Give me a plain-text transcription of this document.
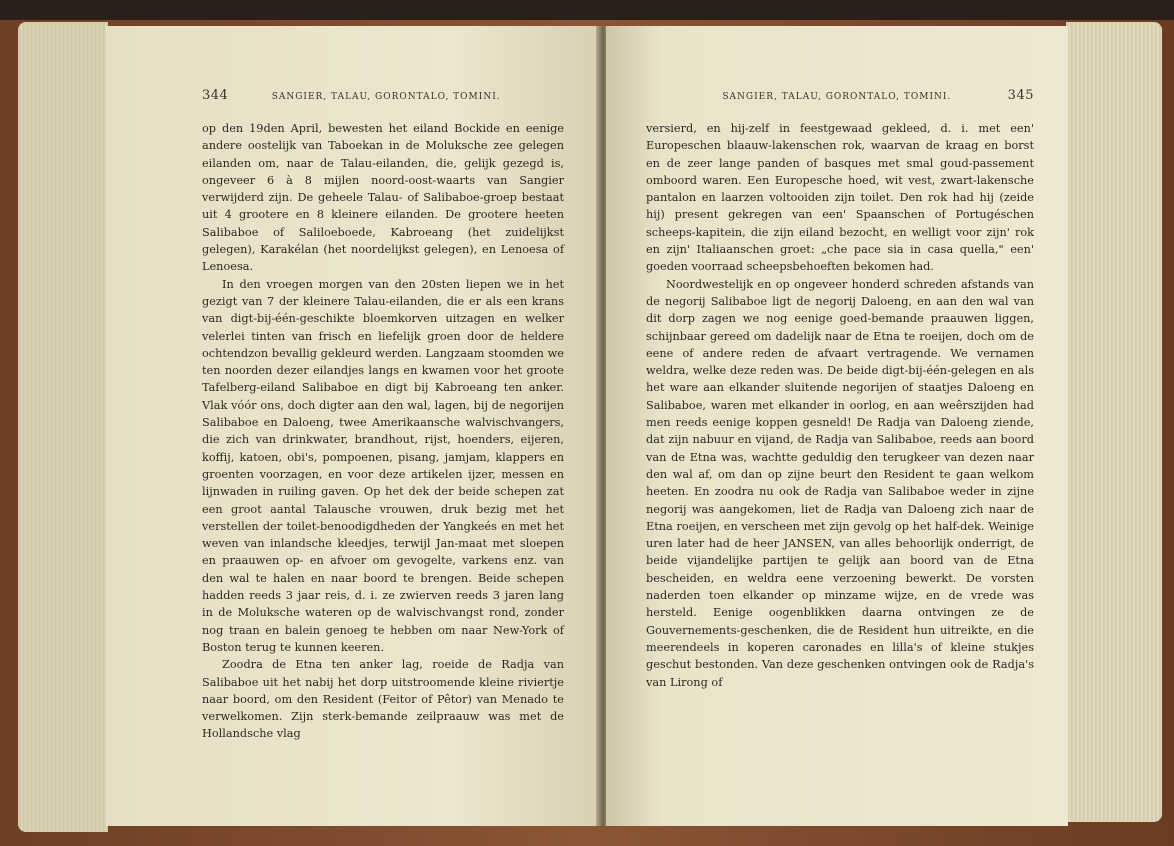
344	SANGIER, TALAU, GORONTALO, TOMINI.

op den 19den April, bewesten het eiland Bockide en eenige andere oostelijk van Taboekan in de Moluksche zee gelegen eilanden om, naar de Talau-eilanden, die, gelijk gezegd is, ongeveer 6 à 8 mijlen noord-oost-waarts van Sangier verwijderd zijn. De geheele Talau- of Salibaboe-groep bestaat uit 4 grootere en 8 kleinere eilanden. De grootere heeten Salibaboe of Saliloeboede, Kabroeang (het zuidelijkst gelegen), Karakélan (het noordelijkst gelegen), en Lenoesa of Lenoesa.

In den vroegen morgen van den 20sten liepen we in het gezigt van 7 der kleinere Talau-eilanden, die er als een krans van digt-bij-één-geschikte bloemkorven uitzagen en welker velerlei tinten van frisch en liefelijk groen door de heldere ochtendzon bevallig gekleurd werden. Langzaam stoomden we ten noorden dezer eilandjes langs en kwamen voor het groote Tafelberg-eiland Salibaboe en digt bij Kabroeang ten anker. Vlak vóór ons, doch digter aan den wal, lagen, bij de negorijen Salibaboe en Daloeng, twee Amerikaansche walvischvangers, die zich van drinkwater, brandhout, rijst, hoenders, eijeren, koffij, katoen, obi's, pompoenen, pisang, jamjam, klappers en groenten voorzagen, en voor deze artikelen ijzer, messen en lijnwaden in ruiling gaven. Op het dek der beide schepen zat een groot aantal Talausche vrouwen, druk bezig met het verstellen der toilet-benoodigdheden der Yangkeés en met het weven van inlandsche kleedjes, terwijl Jan-maat met sloepen en praauwen op- en afvoer om gevogelte, varkens enz. van den wal te halen en naar boord te brengen. Beide schepen hadden reeds 3 jaar reis, d. i. ze zwierven reeds 3 jaren lang in de Moluksche wateren op de walvischvangst rond, zonder nog traan en balein genoeg te hebben om naar New-York of Boston terug te kunnen keeren.

Zoodra de Etna ten anker lag, roeide de Radja van Salibaboe uit het nabij het dorp uitstroomende kleine riviertje naar boord, om den Resident (Feitor of Pêtor) van Menado te verwelkomen. Zijn sterk-bemande zeilpraauw was met de Hollandsche vlag

SANGIER, TALAU, GORONTALO, TOMINI.	345

versierd, en hij-zelf in feestgewaad gekleed, d. i. met een' Europeschen blaauw-lakenschen rok, waarvan de kraag en borst en de zeer lange panden of basques met smal goud-passement omboord waren. Een Europesche hoed, wit vest, zwart-lakensche pantalon en laarzen voltooiden zijn toilet. Den rok had hij (zeide hij) present gekregen van een' Spaanschen of Portugéschen scheeps-kapitein, die zijn eiland bezocht, en welligt voor zijn' rok en zijn' Italiaanschen groet: „che pace sia in casa quella," een' goeden voorraad scheepsbehoeften bekomen had.

Noordwestelijk en op ongeveer honderd schreden afstands van de negorij Salibaboe ligt de negorij Daloeng, en aan den wal van dit dorp zagen we nog eenige goed-bemande praauwen liggen, schijnbaar gereed om dadelijk naar de Etna te roeijen, doch om de eene of andere reden de afvaart vertragende. We vernamen weldra, welke deze reden was. De beide digt-bij-één-gelegen en als het ware aan elkander sluitende negorijen of staatjes Daloeng en Salibaboe, waren met elkander in oorlog, en aan weêrszijden had men reeds eenige koppen gesneld! De Radja van Daloeng ziende, dat zijn nabuur en vijand, de Radja van Salibaboe, reeds aan boord van de Etna was, wachtte geduldig den terugkeer van dezen naar den wal af, om dan op zijne beurt den Resident te gaan welkom heeten. En zoodra nu ook de Radja van Salibaboe weder in zijne negorij was aangekomen, liet de Radja van Daloeng zich naar de Etna roeijen, en verscheen met zijn gevolg op het half-dek. Weinige uren later had de heer JANSEN, van alles behoorlijk onderrigt, de beide vijandelijke partijen te gelijk aan boord van de Etna bescheiden, en weldra eene verzoening bewerkt. De vorsten naderden toen elkander op minzame wijze, en de vrede was hersteld. Eenige oogenblikken daarna ontvingen ze de Gouvernements-geschenken, die de Resident hun uitreikte, en die meerendeels in koperen caronades en lilla's of kleine stukjes geschut bestonden. Van deze geschenken ontvingen ook de Radja's van Lirong of
